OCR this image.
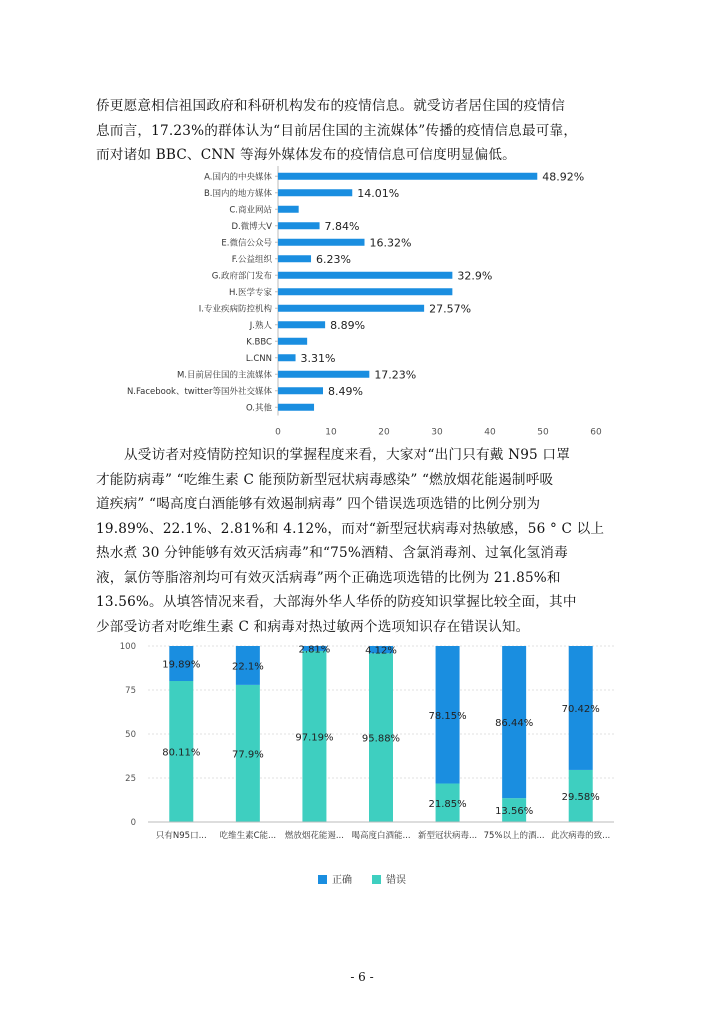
侨更愿意相信祖国政府和科研机构发布的疫情信息。就受访者居住国的疫情信
息而言，17.23%的群体认为“目前居住国的主流媒体”传播的疫情信息最可靠，
而对诸如 BBC、CNN 等海外媒体发布的疫情信息可信度明显偏低。
A.国内的中央媒体	48.92%
B.国内的地方媒体	14.01%
C.商业网站
D.微博大V	7.84%
E.微信公众号	16.32%
F.公益组织	6.23%
G.政府部门发布	32.9%
H.医学专家
I.专业疾病防控机构	27.57%
J.熟人	8.89%
K.BBC
L.CNN	3.31%
M.目前居住国的主流媒体	17.23%
N.Facebook、twitter等国外社交媒体	8.49%
O.其他
0	10	20	30	40	50	60
从受访者对疫情防控知识的掌握程度来看，大家对“出门只有戴 N95 口罩
才能防病毒” “吃维生素 C 能预防新型冠状病毒感染” “燃放烟花能遏制呼吸
道疾病” “喝高度白酒能够有效遏制病毒” 四个错误选项选错的比例分别为
19.89%、22.1%、2.81%和 4.12%，而对“新型冠状病毒对热敏感，56 ° C 以上
热水煮 30 分钟能够有效灭活病毒”和“75%酒精、含氯消毒剂、过氧化氢消毒
液，氯仿等脂溶剂均可有效灭活病毒”两个正确选项选错的比例为 21.85%和
13.56%。从填答情况来看，大部海外华人华侨的防疫知识掌握比较全面，其中
少部受访者对吃维生素 C 和病毒对热过敏两个选项知识存在错误认知。
0
25
50
75
100
80.11%
19.89%
只有N95口...
77.9%
22.1%
吃维生素C能...
97.19%
2.81%
燃放烟花能遏...
95.88%
4.12%
喝高度白酒能...
21.85%
78.15%
新型冠状病毒...
13.56%
86.44%
75%以上的酒...
29.58%
70.42%
此次病毒的致...
正确	错误
- 6 -
